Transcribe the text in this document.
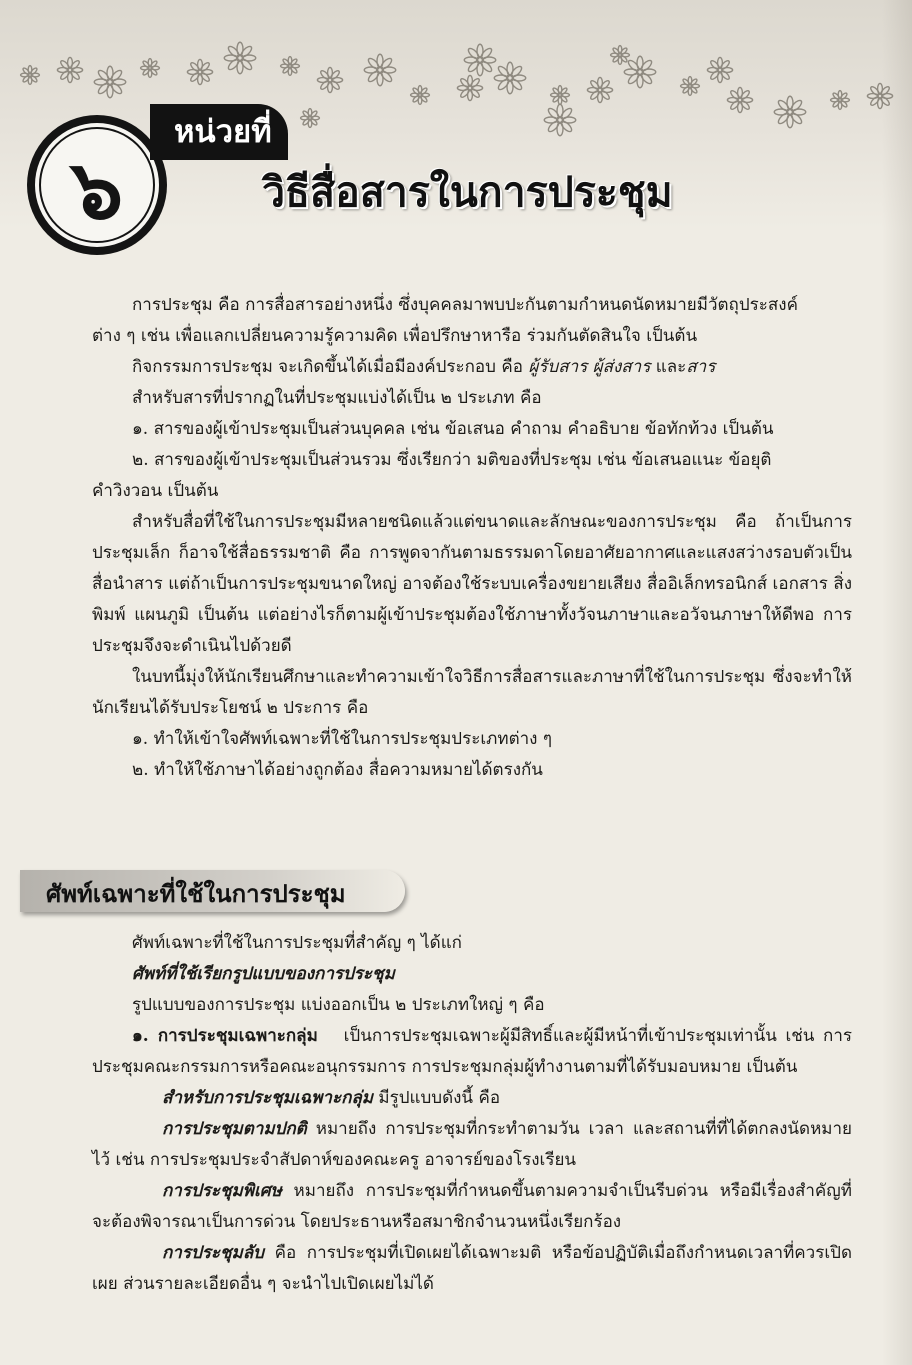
๖
หน่วยที่
วิธีสื่อสารในการประชุม

การประชุม คือ การสื่อสารอย่างหนึ่ง ซึ่งบุคคลมาพบปะกันตามกำหนดนัดหมายมีวัตถุประสงค์

ต่าง ๆ เช่น เพื่อแลกเปลี่ยนความรู้ความคิด เพื่อปรึกษาหารือ ร่วมกันตัดสินใจ เป็นต้น

กิจกรรมการประชุม จะเกิดขึ้นได้เมื่อมีองค์ประกอบ คือ ผู้รับสาร ผู้ส่งสาร และสาร

สำหรับสารที่ปรากฏในที่ประชุมแบ่งได้เป็น ๒ ประเภท คือ

๑. สารของผู้เข้าประชุมเป็นส่วนบุคคล เช่น ข้อเสนอ คำถาม คำอธิบาย ข้อทักท้วง เป็นต้น

๒. สารของผู้เข้าประชุมเป็นส่วนรวม ซึ่งเรียกว่า มติของที่ประชุม เช่น ข้อเสนอแนะ ข้อยุติ

คำวิงวอน เป็นต้น

สำหรับสื่อที่ใช้ในการประชุมมีหลายชนิดแล้วแต่ขนาดและลักษณะของการประชุม คือ ถ้าเป็นการประชุมเล็ก ก็อาจใช้สื่อธรรมชาติ คือ การพูดจากันตามธรรมดาโดยอาศัยอากาศและแสงสว่างรอบตัวเป็นสื่อนำสาร แต่ถ้าเป็นการประชุมขนาดใหญ่ อาจต้องใช้ระบบเครื่องขยายเสียง สื่ออิเล็กทรอนิกส์ เอกสาร สิ่งพิมพ์ แผนภูมิ เป็นต้น แต่อย่างไรก็ตามผู้เข้าประชุมต้องใช้ภาษาทั้งวัจนภาษาและอวัจนภาษาให้ดีพอ การประชุมจึงจะดำเนินไปด้วยดี

ในบทนี้มุ่งให้นักเรียนศึกษาและทำความเข้าใจวิธีการสื่อสารและภาษาที่ใช้ในการประชุม ซึ่งจะทำให้นักเรียนได้รับประโยชน์ ๒ ประการ คือ

๑. ทำให้เข้าใจศัพท์เฉพาะที่ใช้ในการประชุมประเภทต่าง ๆ

๒. ทำให้ใช้ภาษาได้อย่างถูกต้อง สื่อความหมายได้ตรงกัน

ศัพท์เฉพาะที่ใช้ในการประชุม

ศัพท์เฉพาะที่ใช้ในการประชุมที่สำคัญ ๆ ได้แก่

ศัพท์ที่ใช้เรียกรูปแบบของการประชุม

รูปแบบของการประชุม แบ่งออกเป็น ๒ ประเภทใหญ่ ๆ คือ

๑. การประชุมเฉพาะกลุ่ม เป็นการประชุมเฉพาะผู้มีสิทธิ์และผู้มีหน้าที่เข้าประชุมเท่านั้น เช่น การประชุมคณะกรรมการหรือคณะอนุกรรมการ การประชุมกลุ่มผู้ทำงานตามที่ได้รับมอบหมาย เป็นต้น

สำหรับการประชุมเฉพาะกลุ่ม มีรูปแบบดังนี้ คือ

การประชุมตามปกติ หมายถึง การประชุมที่กระทำตามวัน เวลา และสถานที่ที่ได้ตกลงนัดหมายไว้ เช่น การประชุมประจำสัปดาห์ของคณะครู อาจารย์ของโรงเรียน

การประชุมพิเศษ หมายถึง การประชุมที่กำหนดขึ้นตามความจำเป็นรีบด่วน หรือมีเรื่องสำคัญที่จะต้องพิจารณาเป็นการด่วน โดยประธานหรือสมาชิกจำนวนหนึ่งเรียกร้อง

การประชุมลับ คือ การประชุมที่เปิดเผยได้เฉพาะมติ หรือข้อปฏิบัติเมื่อถึงกำหนดเวลาที่ควรเปิดเผย ส่วนรายละเอียดอื่น ๆ จะนำไปเปิดเผยไม่ได้
